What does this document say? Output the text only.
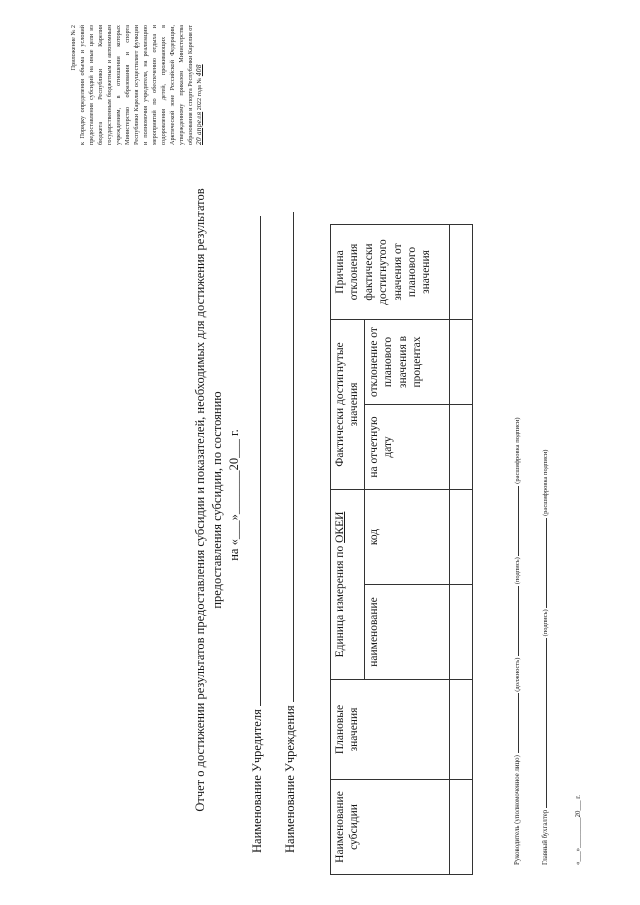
Приложение № 2 к Порядку определения объема и условий предоставления субсидий на иные цели из бюджета Республики Карелия государственным бюджетным и автономным учреждениям, в отношении которых Министерство образования и спорта Республики Карелия осуществляет функции и полномочия учредителя, на реализацию мероприятий по обеспечению отдыха и оздоровления детей, проживающих в Арктической зоне Российской Федерации, утвержденному приказом Министерства образования и спорта Республики Карелия от 20 апреля 2022 года № 408
Отчет о достижении результатов предоставления субсидии и показателей, необходимых для достижения результатов предоставления субсидии, по состоянию на «___»_______20___ г.
Наименование Учредителя Наименование Учреждения	Наименование субсидии	Плановые значения	Единица измерения по ОКЕИ		Фактически достигнутые значения		Причина отклонения фактически достигнутого значения от планового значения
		наименование	код	на отчетную дату	отклонение от планового значения в процентах	

Руководитель (уполномоченное лицо)  (должность)  (подпись)  (расшифровка подписи)
Главный бухгалтер  (подпись)  (расшифровка подписи)
«___»_________20___ г.
